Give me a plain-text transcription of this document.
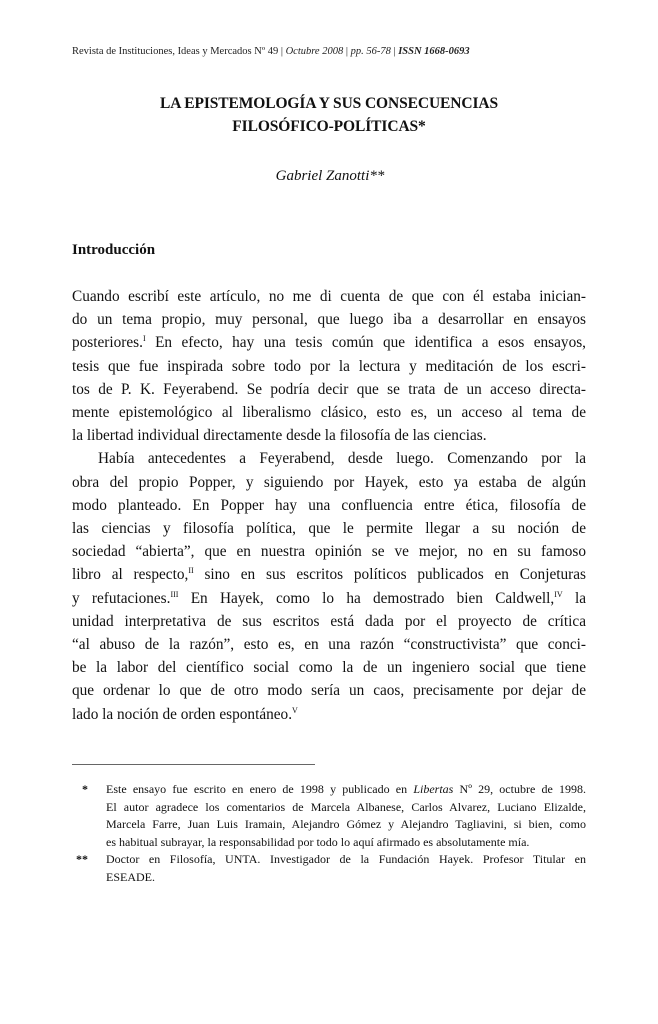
Revista de Instituciones, Ideas y Mercados Nº 49 | Octubre 2008 | pp. 56-78 | ISSN 1668-0693
LA EPISTEMOLOGÍA Y SUS CONSECUENCIAS
FILOSÓFICO-POLÍTICAS*
Gabriel Zanotti**
Introducción

Cuando escribí este artículo, no me di cuenta de que con él estaba inician-
do un tema propio, muy personal, que luego iba a desarrollar en ensayos
posteriores.$^I$ En efecto, hay una tesis común que identifica a esos ensayos,
tesis que fue inspirada sobre todo por la lectura y meditación de los escri-
tos de P. K. Feyerabend. Se podría decir que se trata de un acceso directa-
mente epistemológico al liberalismo clásico, esto es, un acceso al tema de
la libertad individual directamente desde la filosofía de las ciencias.

Había antecedentes a Feyerabend, desde luego. Comenzando por la
obra del propio Popper, y siguiendo por Hayek, esto ya estaba de algún
modo planteado. En Popper hay una confluencia entre ética, filosofía de
las ciencias y filosofía política, que le permite llegar a su noción de
sociedad “abierta”, que en nuestra opinión se ve mejor, no en su famoso
libro al respecto,$^{II}$ sino en sus escritos políticos publicados en Conjeturas
y refutaciones.$^{III}$ En Hayek, como lo ha demostrado bien Caldwell,$^{IV}$ la
unidad interpretativa de sus escritos está dada por el proyecto de crítica
“al abuso de la razón”, esto es, en una razón “constructivista” que conci-
be la labor del científico social como la de un ingeniero social que tiene
que ordenar lo que de otro modo sería un caos, precisamente por dejar de
lado la noción de orden espontáneo.$^V$

* Este ensayo fue escrito en enero de 1998 y publicado en Libertas Nº 29, octubre de 1998.
El autor agradece los comentarios de Marcela Albanese, Carlos Alvarez, Luciano Elizalde,
Marcela Farre, Juan Luis Iramain, Alejandro Gómez y Alejandro Tagliavini, si bien, como
es habitual subrayar, la responsabilidad por todo lo aquí afirmado es absolutamente mía.
** Doctor en Filosofía, UNTA. Investigador de la Fundación Hayek. Profesor Titular en
ESEADE.
